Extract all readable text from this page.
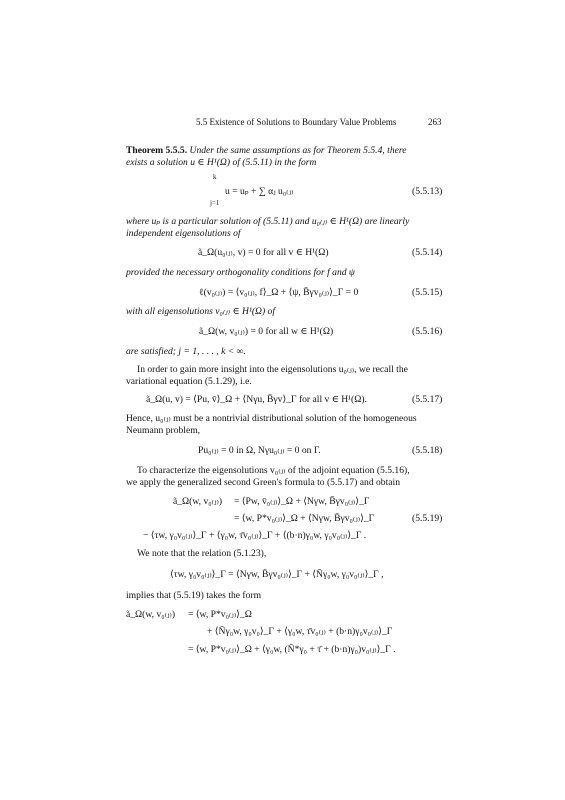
5.5 Existence of Solutions to Boundary Value Problems	263
Theorem 5.5.5. Under the same assumptions as for Theorem 5.5.4, there
exists a solution u ∈ H¹(Ω) of (5.5.11) in the form
k
u = uₚ + ∑ αⱼ u₀₍ⱼ₎
j=1
(5.5.13)
where uₚ is a particular solution of (5.5.11) and u₀₍ⱼ₎ ∈ H¹(Ω) are linearly
independent eigensolutions of
ã_Ω(u₀₍ⱼ₎, v) = 0 for all v ∈ H¹(Ω)	(5.5.14)
provided the necessary orthogonality conditions for f and ψ
ℓ(v₀₍ⱼ₎) = ⟨v₀₍ⱼ₎, f⟩_Ω + ⟨ψ, B̄γv₀₍ⱼ₎⟩_Γ = 0	(5.5.15)
with all eigensolutions v₀₍ⱼ₎ ∈ H¹(Ω) of
ã_Ω(w, v₀₍ⱼ₎) = 0 for all w ∈ H¹(Ω)	(5.5.16)
are satisfied; j = 1, . . . , k < ∞.
In order to gain more insight into the eigensolutions u₀₍ⱼ₎, we recall the
variational equation (5.1.29), i.e.
ã_Ω(u, v) = ⟨Pu, v̄⟩_Ω + ⟨Nγu, B̄γv⟩_Γ for all v ∈ H¹(Ω).	(5.5.17)
Hence, u₀₍ⱼ₎ must be a nontrivial distributional solution of the homogeneous
Neumann problem,
Pu₀₍ⱼ₎ = 0 in Ω, Nγu₀₍ⱼ₎ = 0 on Γ.	(5.5.18)
To characterize the eigensolutions v₀₍ⱼ₎ of the adjoint equation (5.5.16),
we apply the generalized second Green's formula to (5.5.17) and obtain
ã_Ω(w, v₀₍ⱼ₎) = ⟨Pw, v̄₀₍ⱼ₎⟩_Ω + ⟨Nγw, B̄γv₀₍ⱼ₎⟩_Γ
= ⟨w, P*v₀₍ⱼ₎⟩_Ω + ⟨Nγw, B̄γv₀₍ⱼ₎⟩_Γ	(5.5.19)
− ⟨τw, γ₀v₀₍ⱼ₎⟩_Γ + ⟨γ₀w, τ̄v₀₍ⱼ₎⟩_Γ + ⟨(b·n)γ₀w, γ₀v₀₍ⱼ₎⟩_Γ .
We note that the relation (5.1.23),
⟨τw, γ₀v₀₍ⱼ₎⟩_Γ = ⟨Nγw, B̄γv₀₍ⱼ₎⟩_Γ + ⟨Ñγ₀w, γ₀v₀₍ⱼ₎⟩_Γ ,
implies that (5.5.19) takes the form
ã_Ω(w, v₀₍ⱼ₎) = ⟨w, P*v₀₍ⱼ₎⟩_Ω
+ ⟨Ñγ₀w, γ₀v₀⟩_Γ + ⟨γ₀w, τ̄v₀₍ⱼ₎ + (b·n)γ₀v₀₍ⱼ₎⟩_Γ
= ⟨w, P*v₀₍ⱼ₎⟩_Ω + ⟨γ₀w, (Ñ*γ₀ + τ̄ + (b·n)γ₀)v₀₍ⱼ₎⟩_Γ .
